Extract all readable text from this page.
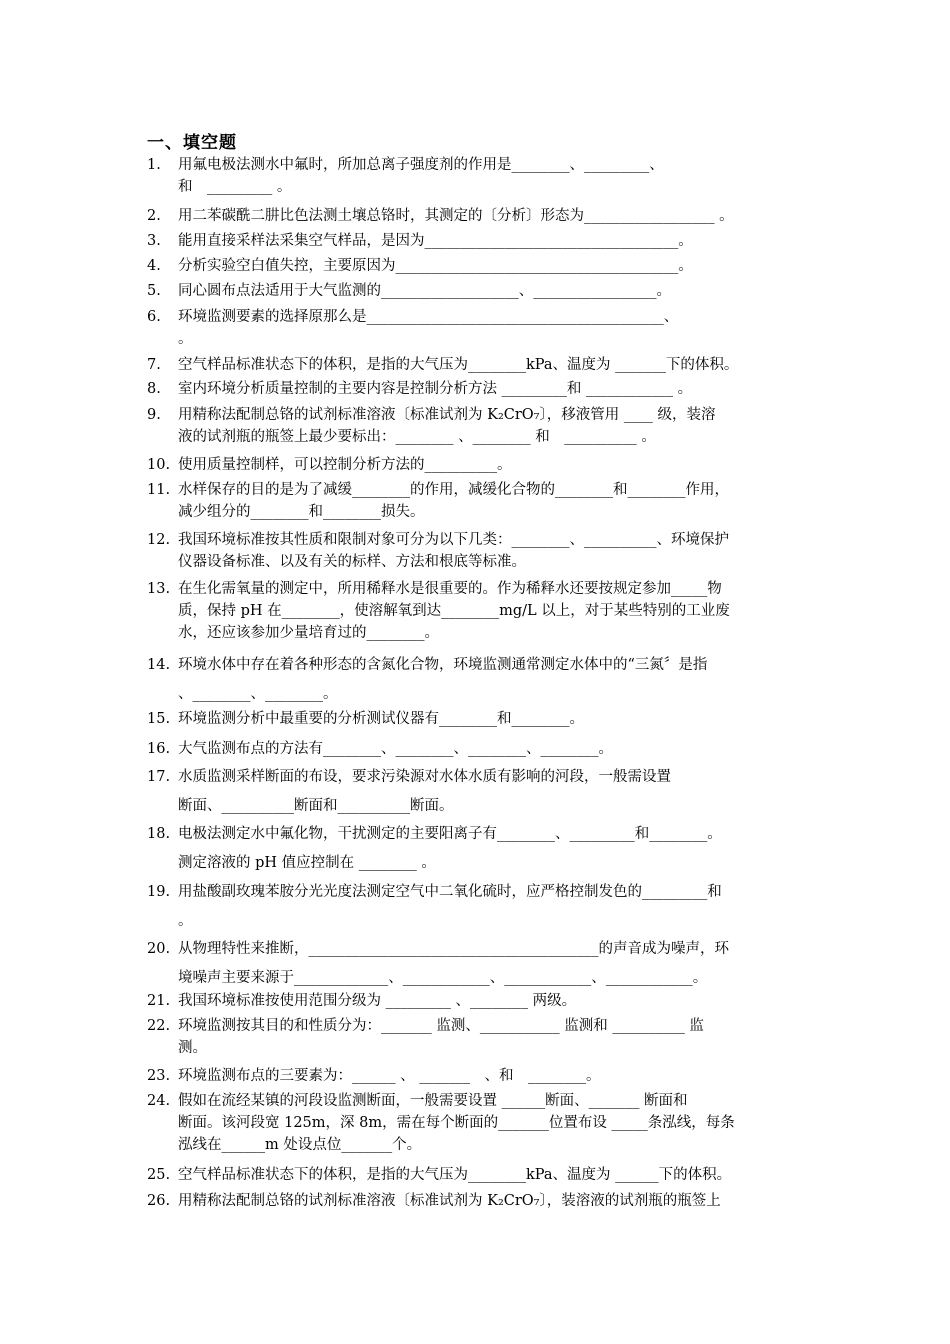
一、填空题
1.	用氟电极法测水中氟时，所加总离子强度剂的作用是________、_________、
和　_________ 。
2.	用二苯碳酰二肼比色法测土壤总铬时，其测定的〔分析〕形态为__________________ 。
3.	能用直接采样法采集空气样品，是因为___________________________________。
4.	分析实验空白值失控，主要原因为_______________________________________。
5.	同心圆布点法适用于大气监测的___________________、_________________。
6.	环境监测要素的选择原那么是_________________________________________、
。
7.	空气样品标准状态下的体积，是指的大气压为________kPa、温度为 _______下的体积。
8.	室内环境分析质量控制的主要内容是控制分析方法 _________和 ____________ 。
9.	用精称法配制总铬的试剂标准溶液〔标准试剂为 K₂CrO₇〕，移液管用 ____ 级，装溶
液的试剂瓶的瓶签上最少要标出：________ 、________ 和　__________ 。
10. 使用质量控制样，可以控制分析方法的__________。
11. 水样保存的目的是为了减缓________的作用，减缓化合物的________和________作用，
减少组分的________和________损失。
12. 我国环境标准按其性质和限制对象可分为以下几类：________、__________、环境保护
仪器设备标准、以及有关的标样、方法和根底等标准。
13. 在生化需氧量的测定中，所用稀释水是很重要的。作为稀释水还要按规定参加_____物
质，保持 pH 在________，使溶解氧到达________mg/L 以上，对于某些特别的工业废
水，还应该参加少量培育过的________。
14. 环境水体中存在着各种形态的含氮化合物，环境监测通常测定水体中的“三氮〞是指
、________、________。
15. 环境监测分析中最重要的分析测试仪器有________和________。
16. 大气监测布点的方法有________、________、________、________。
17. 水质监测采样断面的布设，要求污染源对水体水质有影响的河段，一般需设置
断面、__________断面和__________断面。
18. 电极法测定水中氟化物，干扰测定的主要阳离子有________、_________和________。
测定溶液的 pH 值应控制在 ________ 。
19. 用盐酸副玫瑰苯胺分光光度法测定空气中二氧化硫时，应严格控制发色的_________和
。
20. 从物理特性来推断，________________________________________的声音成为噪声，环
境噪声主要来源于_____________、____________、____________、____________。
21. 我国环境标准按使用范围分级为 _________ 、________ 两级。
22. 环境监测按其目的和性质分为：_______ 监测、___________ 监测和 __________ 监
测。
23. 环境监测布点的三要素为：______ 、 _______　、和　________。
24. 假如在流经某镇的河段设监测断面，一般需要设置 ______断面、_______ 断面和
断面。该河段宽 125m，深 8m，需在每个断面的_______位置布设 _____条泓线，每条
泓线在______m 处设点位_______个。
25. 空气样品标准状态下的体积，是指的大气压为________kPa、温度为 ______下的体积。
26. 用精称法配制总铬的试剂标准溶液〔标准试剂为 K₂CrO₇〕，装溶液的试剂瓶的瓶签上
